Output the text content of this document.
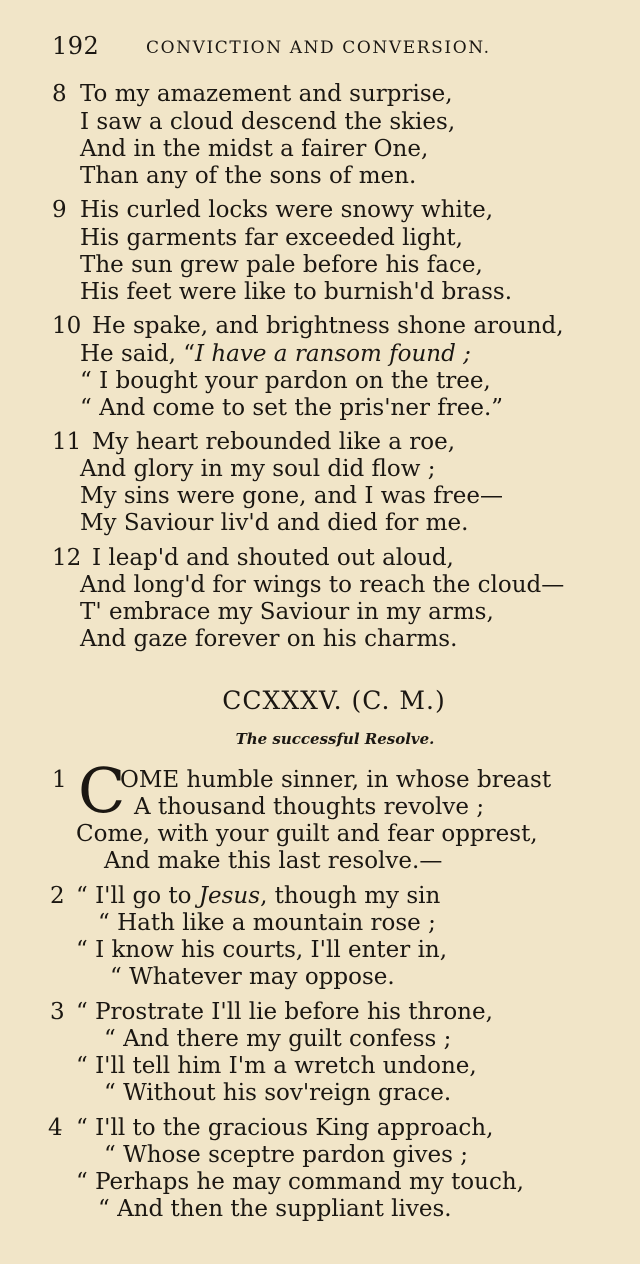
192	CONVICTION AND CONVERSION.
8 To my amazement and surprise,
I saw a cloud descend the skies,
And in the midst a fairer One,
Than any of the sons of men.
9 His curled locks were snowy white,
His garments far exceeded light,
The sun grew pale before his face,
His feet were like to burnish'd brass.
10 He spake, and brightness shone around,
He said, “I have a ransom found ;
“ I bought your pardon on the tree,
“ And come to set the pris'ner free.”
11 My heart rebounded like a roe,
And glory in my soul did flow ;
My sins were gone, and I was free—
My Saviour liv'd and died for me.
12 I leap'd and shouted out aloud,
And long'd for wings to reach the cloud—
T' embrace my Saviour in my arms,
And gaze forever on his charms.
CCXXXV. (C. M.)
The successful Resolve.
1 C
OME humble sinner, in whose breast
A thousand thoughts revolve ;
Come, with your guilt and fear opprest,
And make this last resolve.—
2 “ I'll go to Jesus, though my sin
“ Hath like a mountain rose ;
“ I know his courts, I'll enter in,
“ Whatever may oppose.
3 “ Prostrate I'll lie before his throne,
“ And there my guilt confess ;
“ I'll tell him I'm a wretch undone,
“ Without his sov'reign grace.
4 “ I'll to the gracious King approach,
“ Whose sceptre pardon gives ;
“ Perhaps he may command my touch,
“ And then the suppliant lives.
